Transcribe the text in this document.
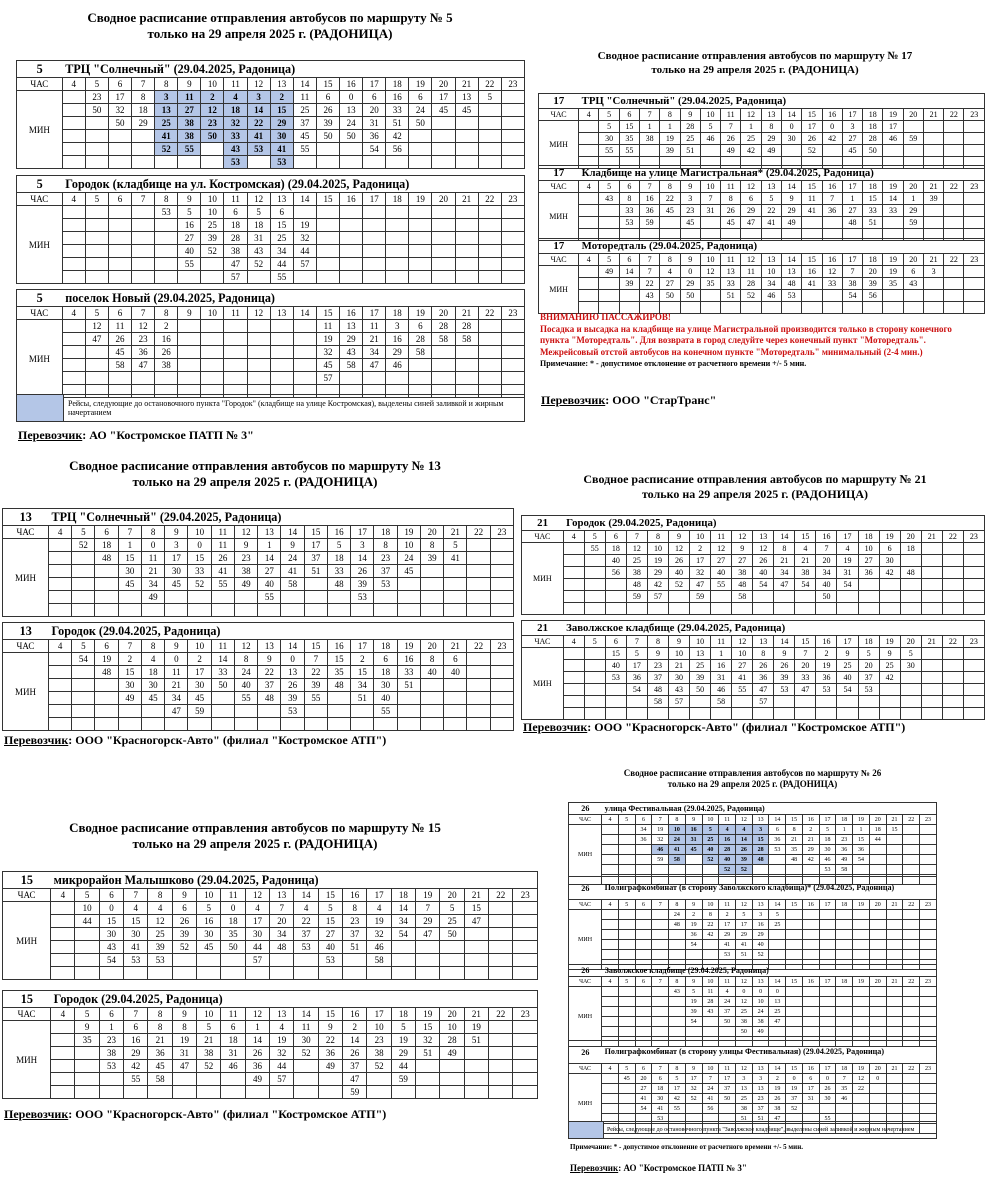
Сводное расписание отправления автобусов по маршруту № 5
только на 29 апреля 2025 г. (РАДОНИЦА)
5	ТРЦ "Солнечный" (29.04.2025, Радоница)																			
ЧАС	4	5	6	7	8	9	10	11	12	13	14	15	16	17	18	19	20	21	22	23
МИН		23	17	8	3	11	2	4	3	2	11	6	0	6	16	6	17	13	5	
		50	32	18	13	27	12	18	14	15	25	26	13	20	33	24	45	45		
			50	29	25	38	23	32	22	29	37	39	24	31	51	50				
					41	38	50	33	41	30	45	50	50	36	42					
					52	55		43	53	41	55			54	56					
								53		53										
5	Городок (кладбище на ул. Костромская) (29.04.2025, Радоница)																			
ЧАС	4	5	6	7	8	9	10	11	12	13	14	15	16	17	18	19	20	21	22	23
МИН					53	5	10	6	5	6										
						16	25	18	18	15	19									
						27	39	28	31	25	32									
						40	52	38	43	34	44									
						55		47	52	44	57									
								57		55										
5	поселок Новый (29.04.2025, Радоница)																			
ЧАС	4	5	6	7	8	9	10	11	12	13	14	15	16	17	18	19	20	21	22	23
МИН		12	11	12	2							11	13	11	3	6	28	28		
		47	26	23	16							19	29	21	16	28	58	58		
			45	36	26							32	43	34	29	58				
			58	47	38							45	58	47	46					
												57								

	Рейсы, следующие до остановочного пункта "Городок" (кладбище на улице Костромская), выделены синей заливкой и жирным начертанием
Перевозчик: АО "Костромское ПАТП № 3"
Сводное расписание отправления автобусов по маршруту № 17
только на 29 апреля 2025 г. (РАДОНИЦА)
17	ТРЦ "Солнечный" (29.04.2025, Радоница)																			
ЧАС	4	5	6	7	8	9	10	11	12	13	14	15	16	17	18	19	20	21	22	23
МИН		5	15	1	1	28	5	7	1	8	0	17	0	3	18	17				
		30	35	38	19	25	46	26	25	29	30	26	42	27	28	46	59			
		55	55		39	51		49	42	49		52		45	50					

17	Кладбище на улице Магистральная* (29.04.2025, Радоница)																			
ЧАС	4	5	6	7	8	9	10	11	12	13	14	15	16	17	18	19	20	21	22	23
МИН		43	8	16	22	3	7	8	6	5	9	11	7	1	15	14	1	39		
			33	36	45	23	31	26	29	22	29	41	36	27	33	33	29			
			53	59		45		45	47	41	49			48	51		59			

17	Моторедталь (29.04.2025, Радоница)																			
ЧАС	4	5	6	7	8	9	10	11	12	13	14	15	16	17	18	19	20	21	22	23
МИН		49	14	7	4	0	12	13	11	10	13	16	12	7	20	19	6	3		
			39	22	27	29	35	33	28	34	48	41	33	38	39	35	43			
				43	50	50		51	52	46	53			54	56					

ВНИМАНИЮ ПАССАЖИРОВ!
Посадка и высадка на кладбище на улице Магистральной производится только в сторону конечного пункта "Моторедталь". Для возврата в город следуйте через конечный пункт "Моторедталь". Межрейсовый отстой автобусов на конечном пункте "Моторедталь" минимальный (2-4 мин.)
Примечание: * - допустимое отклонение от расчетного времени +/- 5 мин.
Перевозчик: ООО "СтарТранс"
Сводное расписание отправления автобусов по маршруту № 13
только на 29 апреля 2025 г. (РАДОНИЦА)
13	ТРЦ "Солнечный" (29.04.2025, Радоница)																			
ЧАС	4	5	6	7	8	9	10	11	12	13	14	15	16	17	18	19	20	21	22	23
МИН		52	18	1	0	3	0	11	9	1	9	17	5	3	8	10	8	5		
			48	15	11	17	15	26	23	14	24	37	18	14	23	24	39	41		
				30	21	30	33	41	38	27	41	51	33	26	37	45				
				45	34	45	52	55	49	40	58		48	39	53					
					49					55				53						

13	Городок (29.04.2025, Радоница)																			
ЧАС	4	5	6	7	8	9	10	11	12	13	14	15	16	17	18	19	20	21	22	23
МИН		54	19	2	4	0	2	14	8	9	0	7	15	2	6	16	8	6		
			48	15	18	11	17	33	24	22	13	22	35	15	18	33	40	40		
				30	30	21	30	50	40	37	26	39	48	34	30	51				
				49	45	34	45		55	48	39	55		51	40					
						47	59				53				55					

Перевозчик: ООО "Красногорск-Авто" (филиал "Костромское АТП")
Сводное расписание отправления автобусов по маршруту № 21
только на 29 апреля 2025 г. (РАДОНИЦА)
21	Городок (29.04.2025, Радоница)																			
ЧАС	4	5	6	7	8	9	10	11	12	13	14	15	16	17	18	19	20	21	22	23
МИН		55	18	12	10	12	2	12	9	12	8	4	7	4	10	6	18			
			40	25	19	26	17	27	27	26	21	21	20	19	27	30				
			56	38	29	40	32	40	38	40	34	38	34	31	36	42	48			
				48	42	52	47	55	48	54	47	54	40	54						
				59	57		59		58				50							

21	Заволжское кладбище (29.04.2025, Радоница)																			
ЧАС	4	5	6	7	8	9	10	11	12	13	14	15	16	17	18	19	20	21	22	23
МИН			15	5	9	10	13	1	10	8	9	7	2	9	5	9	5			
			40	17	23	21	25	16	27	26	26	20	19	25	20	25	30			
			53	36	37	30	39	31	41	36	39	33	36	40	37	42				
				54	48	43	50	46	55	47	53	47	53	54	53					
					58	57		58		57										

Перевозчик: ООО "Красногорск-Авто" (филиал "Костромское АТП")
Сводное расписание отправления автобусов по маршруту № 15
только на 29 апреля 2025 г. (РАДОНИЦА)
15	микрорайон Малышково (29.04.2025, Радоница)																			
ЧАС	4	5	6	7	8	9	10	11	12	13	14	15	16	17	18	19	20	21	22	23
МИН		10	0	4	4	6	5	0	4	7	4	5	8	4	14	7	5	15		
		44	15	15	12	26	16	18	17	20	22	15	23	19	34	29	25	47		
			30	30	25	39	30	35	30	34	37	27	37	32	54	47	50			
			43	41	39	52	45	50	44	48	53	40	51	46						
			54	53	53				57			53		58						

15	Городок (29.04.2025, Радоница)																			
ЧАС	4	5	6	7	8	9	10	11	12	13	14	15	16	17	18	19	20	21	22	23
МИН		9	1	6	8	8	5	6	1	4	11	9	2	10	5	15	10	19		
		35	23	16	21	19	21	18	14	19	30	22	14	23	19	32	28	51		
			38	29	36	31	38	31	26	32	52	36	26	38	29	51	49			
			53	42	45	47	52	46	36	44		49	37	52	44					
				55	58				49	57			47		59					
													59							
Перевозчик: ООО "Красногорск-Авто" (филиал "Костромское АТП")
Сводное расписание отправления автобусов по маршруту № 26
только на 29 апреля 2025 г. (РАДОНИЦА)
26	улица Фестивальная (29.04.2025, Радоница)																			
ЧАС	4	5	6	7	8	9	10	11	12	13	14	15	16	17	18	19	20	21	22	23
МИН			34	19	10	16	5	4	4	3	6	8	2	5	1	1	18	15		
			36	32	24	31	25	16	14	15	36	21	21	18	23	15	44			
				46	41	45	40	28	26	28	53	35	29	30	36	36				
				59	58		52	40	39	48		48	42	46	49	54				
								52	52					53	58					

26	Полиграфкомбинат (в сторону Заволжского кладбища)* (29.04.2025, Радоница)																			
ЧАС	4	5	6	7	8	9	10	11	12	13	14	15	16	17	18	19	20	21	22	23
МИН					24	2	8	2	5	3	5									
					48	19	22	17	17	16	25									
						36	42	29	29	29										
						54		41	41	40										
								53	51	52										

26	Заволжское кладбище (29.04.2025, Радоница)																			
ЧАС	4	5	6	7	8	9	10	11	12	13	14	15	16	17	18	19	20	21	22	23
МИН					43	5	11	4	0	0	0									
						19	28	24	12	10	13									
						39	43	37	25	24	25									
						54		50	38	38	47									
									50	49										

26	Полиграфкомбинат (в сторону улицы Фестивальная) (29.04.2025, Радоница)																			
ЧАС	4	5	6	7	8	9	10	11	12	13	14	15	16	17	18	19	20	21	22	23
МИН		45	20	6	5	17	7	17	3	3	2	0	6	0	7	12	0			
			27	18	17	32	24	37	13	13	19	19	17	26	35	22				
			41	30	42	52	41	50	25	23	26	37	31	30	46					
			54	41	55		56		38	37	38	52								
				53					51	51	47			55						

	Рейсы, следующие до остановочного пункта "Заволжское кладбище", выделены синей заливкой и жирным начертанием
Примечание: * - допустимое отклонение от расчетного времени +/- 5 мин.
Перевозчик: АО "Костромское ПАТП № 3"
